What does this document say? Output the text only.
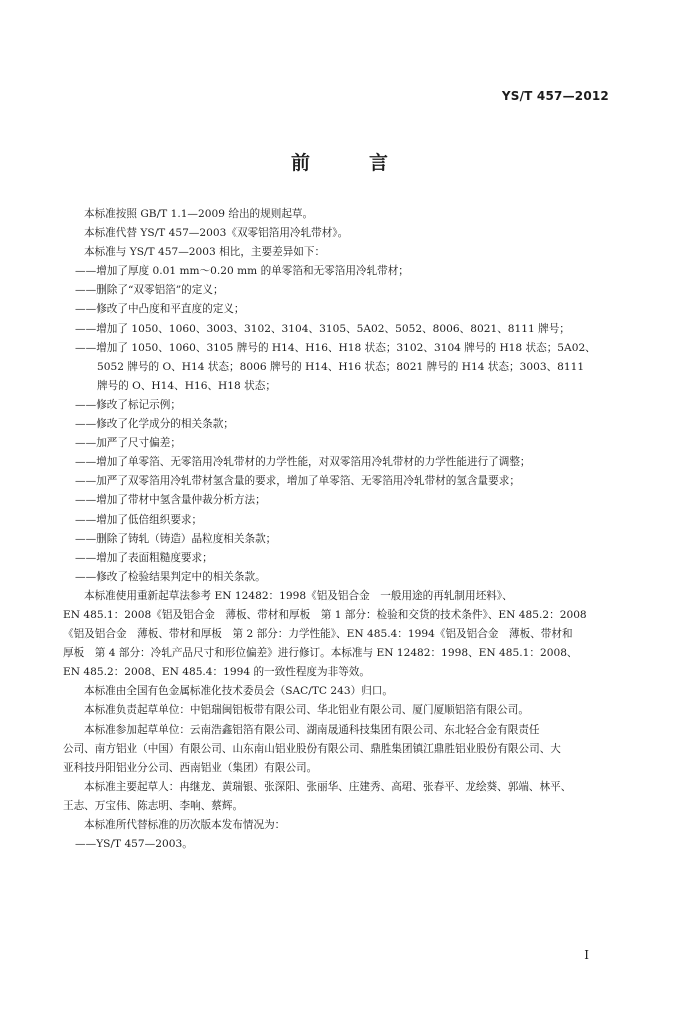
YS/T 457—2012
前　言
本标准按照 GB/T 1.1—2009 给出的规则起草。
本标准代替 YS/T 457—2003《双零铝箔用冷轧带材》。
本标准与 YS/T 457—2003 相比，主要差异如下：
——增加了厚度 0.01 mm～0.20 mm 的单零箔和无零箔用冷轧带材；
——删除了“双零铝箔”的定义；
——修改了中凸度和平直度的定义；
——增加了 1050、1060、3003、3102、3104、3105、5A02、5052、8006、8021、8111 牌号；
——增加了 1050、1060、3105 牌号的 H14、H16、H18 状态；3102、3104 牌号的 H18 状态；5A02、
5052 牌号的 O、H14 状态；8006 牌号的 H14、H16 状态；8021 牌号的 H14 状态；3003、8111
牌号的 O、H14、H16、H18 状态；
——修改了标记示例；
——修改了化学成分的相关条款；
——加严了尺寸偏差；
——增加了单零箔、无零箔用冷轧带材的力学性能，对双零箔用冷轧带材的力学性能进行了调整；
——加严了双零箔用冷轧带材氢含量的要求，增加了单零箔、无零箔用冷轧带材的氢含量要求；
——增加了带材中氢含量仲裁分析方法；
——增加了低倍组织要求；
——删除了铸轧（铸造）晶粒度相关条款；
——增加了表面粗糙度要求；
——修改了检验结果判定中的相关条款。
本标准使用重新起草法参考 EN 12482：1998《铝及铝合金　一般用途的再轧制用坯料》、
EN 485.1：2008《铝及铝合金　薄板、带材和厚板　第 1 部分：检验和交货的技术条件》、EN 485.2：2008
《铝及铝合金　薄板、带材和厚板　第 2 部分：力学性能》、EN 485.4：1994《铝及铝合金　薄板、带材和
厚板　第 4 部分：冷轧产品尺寸和形位偏差》进行修订。本标准与 EN 12482：1998、EN 485.1：2008、
EN 485.2：2008、EN 485.4：1994 的一致性程度为非等效。
本标准由全国有色金属标准化技术委员会（SAC/TC 243）归口。
本标准负责起草单位：中铝瑞闽铝板带有限公司、华北铝业有限公司、厦门厦顺铝箔有限公司。
本标准参加起草单位：云南浩鑫铝箔有限公司、湖南晟通科技集团有限公司、东北轻合金有限责任
公司、南方铝业（中国）有限公司、山东南山铝业股份有限公司、鼎胜集团镇江鼎胜铝业股份有限公司、大
亚科技丹阳铝业分公司、西南铝业（集团）有限公司。
本标准主要起草人：冉继龙、黄瑞银、张深阳、张丽华、庄建秀、高珺、张春平、龙绘葵、郭端、林平、
王志、万宝伟、陈志明、李响、蔡辉。
本标准所代替标准的历次版本发布情况为：
——YS/T 457—2003。
I
